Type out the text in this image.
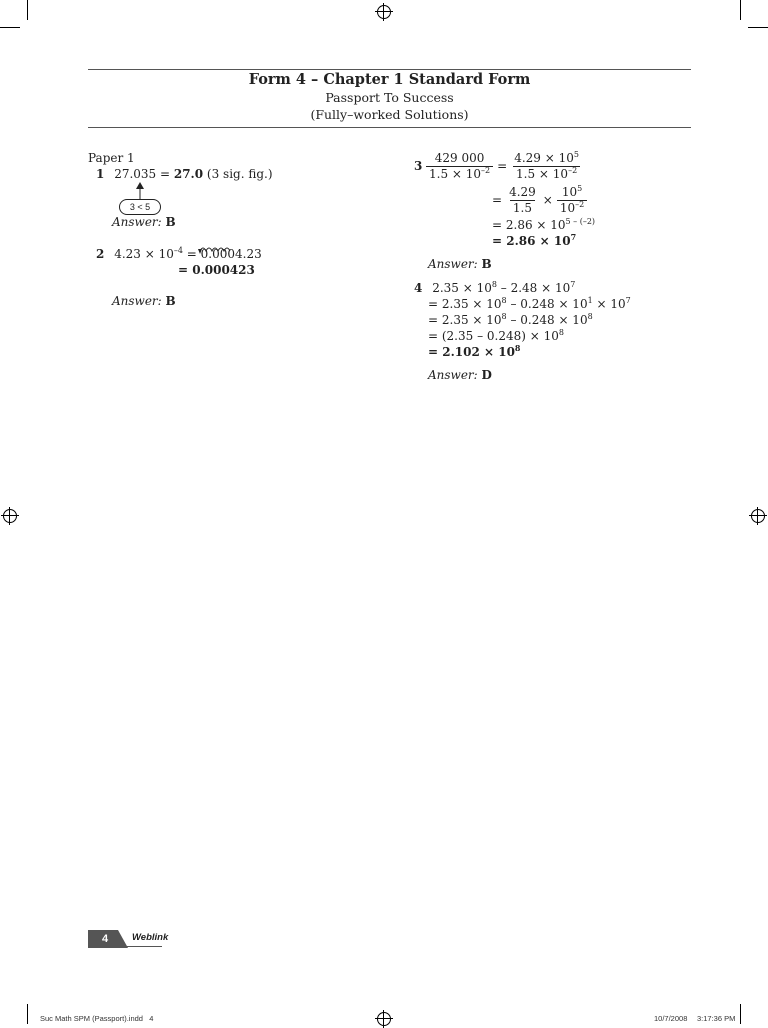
Form 4 – Chapter 1 Standard Form
Passport To Success
(Fully–worked Solutions)
Paper 1
1 27.035 = 27.0 (3 sig. fig.)
3 < 5
Answer: B
2 $4.23 \times 10^{-4} = 0.0004.23$
= 0.000423
Answer: B
$3 \frac{429 000}{1.5 \times 10^{-2}} = \frac{4.29 \times 10^5}{1.5 \times 10^{-2}}$
= $\frac{4.29}{1.5} \times \frac{10^5}{10^{-2}}$
= $2.86 \times 10^{5 - (-2)}$
= $2.86 \times 10^7$
Answer: B
4 $2.35 \times 10^8 - 2.48 \times 10^7$
= $2.35 \times 10^8 - 0.248 \times 10^1 \times 10^7$
= $2.35 \times 10^8 - 0.248 \times 10^8$
= $(2.35 - 0.248) \times 10^8$
= $2.102 \times 10^8$
Answer: D
4	Weblink
Suc Math SPM (Passport).indd   4	10/7/2008 3:17:36 PM
